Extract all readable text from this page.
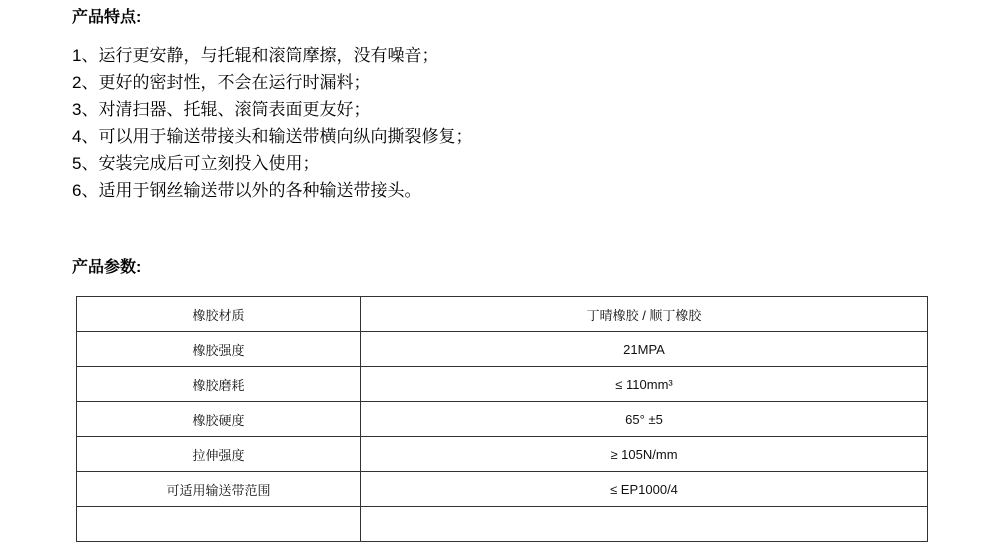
产品特点:
1、运行更安静，与托辊和滚筒摩擦，没有噪音；
2、更好的密封性，不会在运行时漏料；
3、对清扫器、托辊、滚筒表面更友好；
4、可以用于输送带接头和输送带横向纵向撕裂修复；
5、安装完成后可立刻投入使用；
6、适用于钢丝输送带以外的各种输送带接头。
产品参数:
橡胶材质	丁晴橡胶 / 顺丁橡胶
橡胶强度	21MPA
橡胶磨耗	≤ 110mm³
橡胶硬度	65° ±5
拉伸强度	≥ 105N/mm
可适用输送带范围	≤ EP1000/4
